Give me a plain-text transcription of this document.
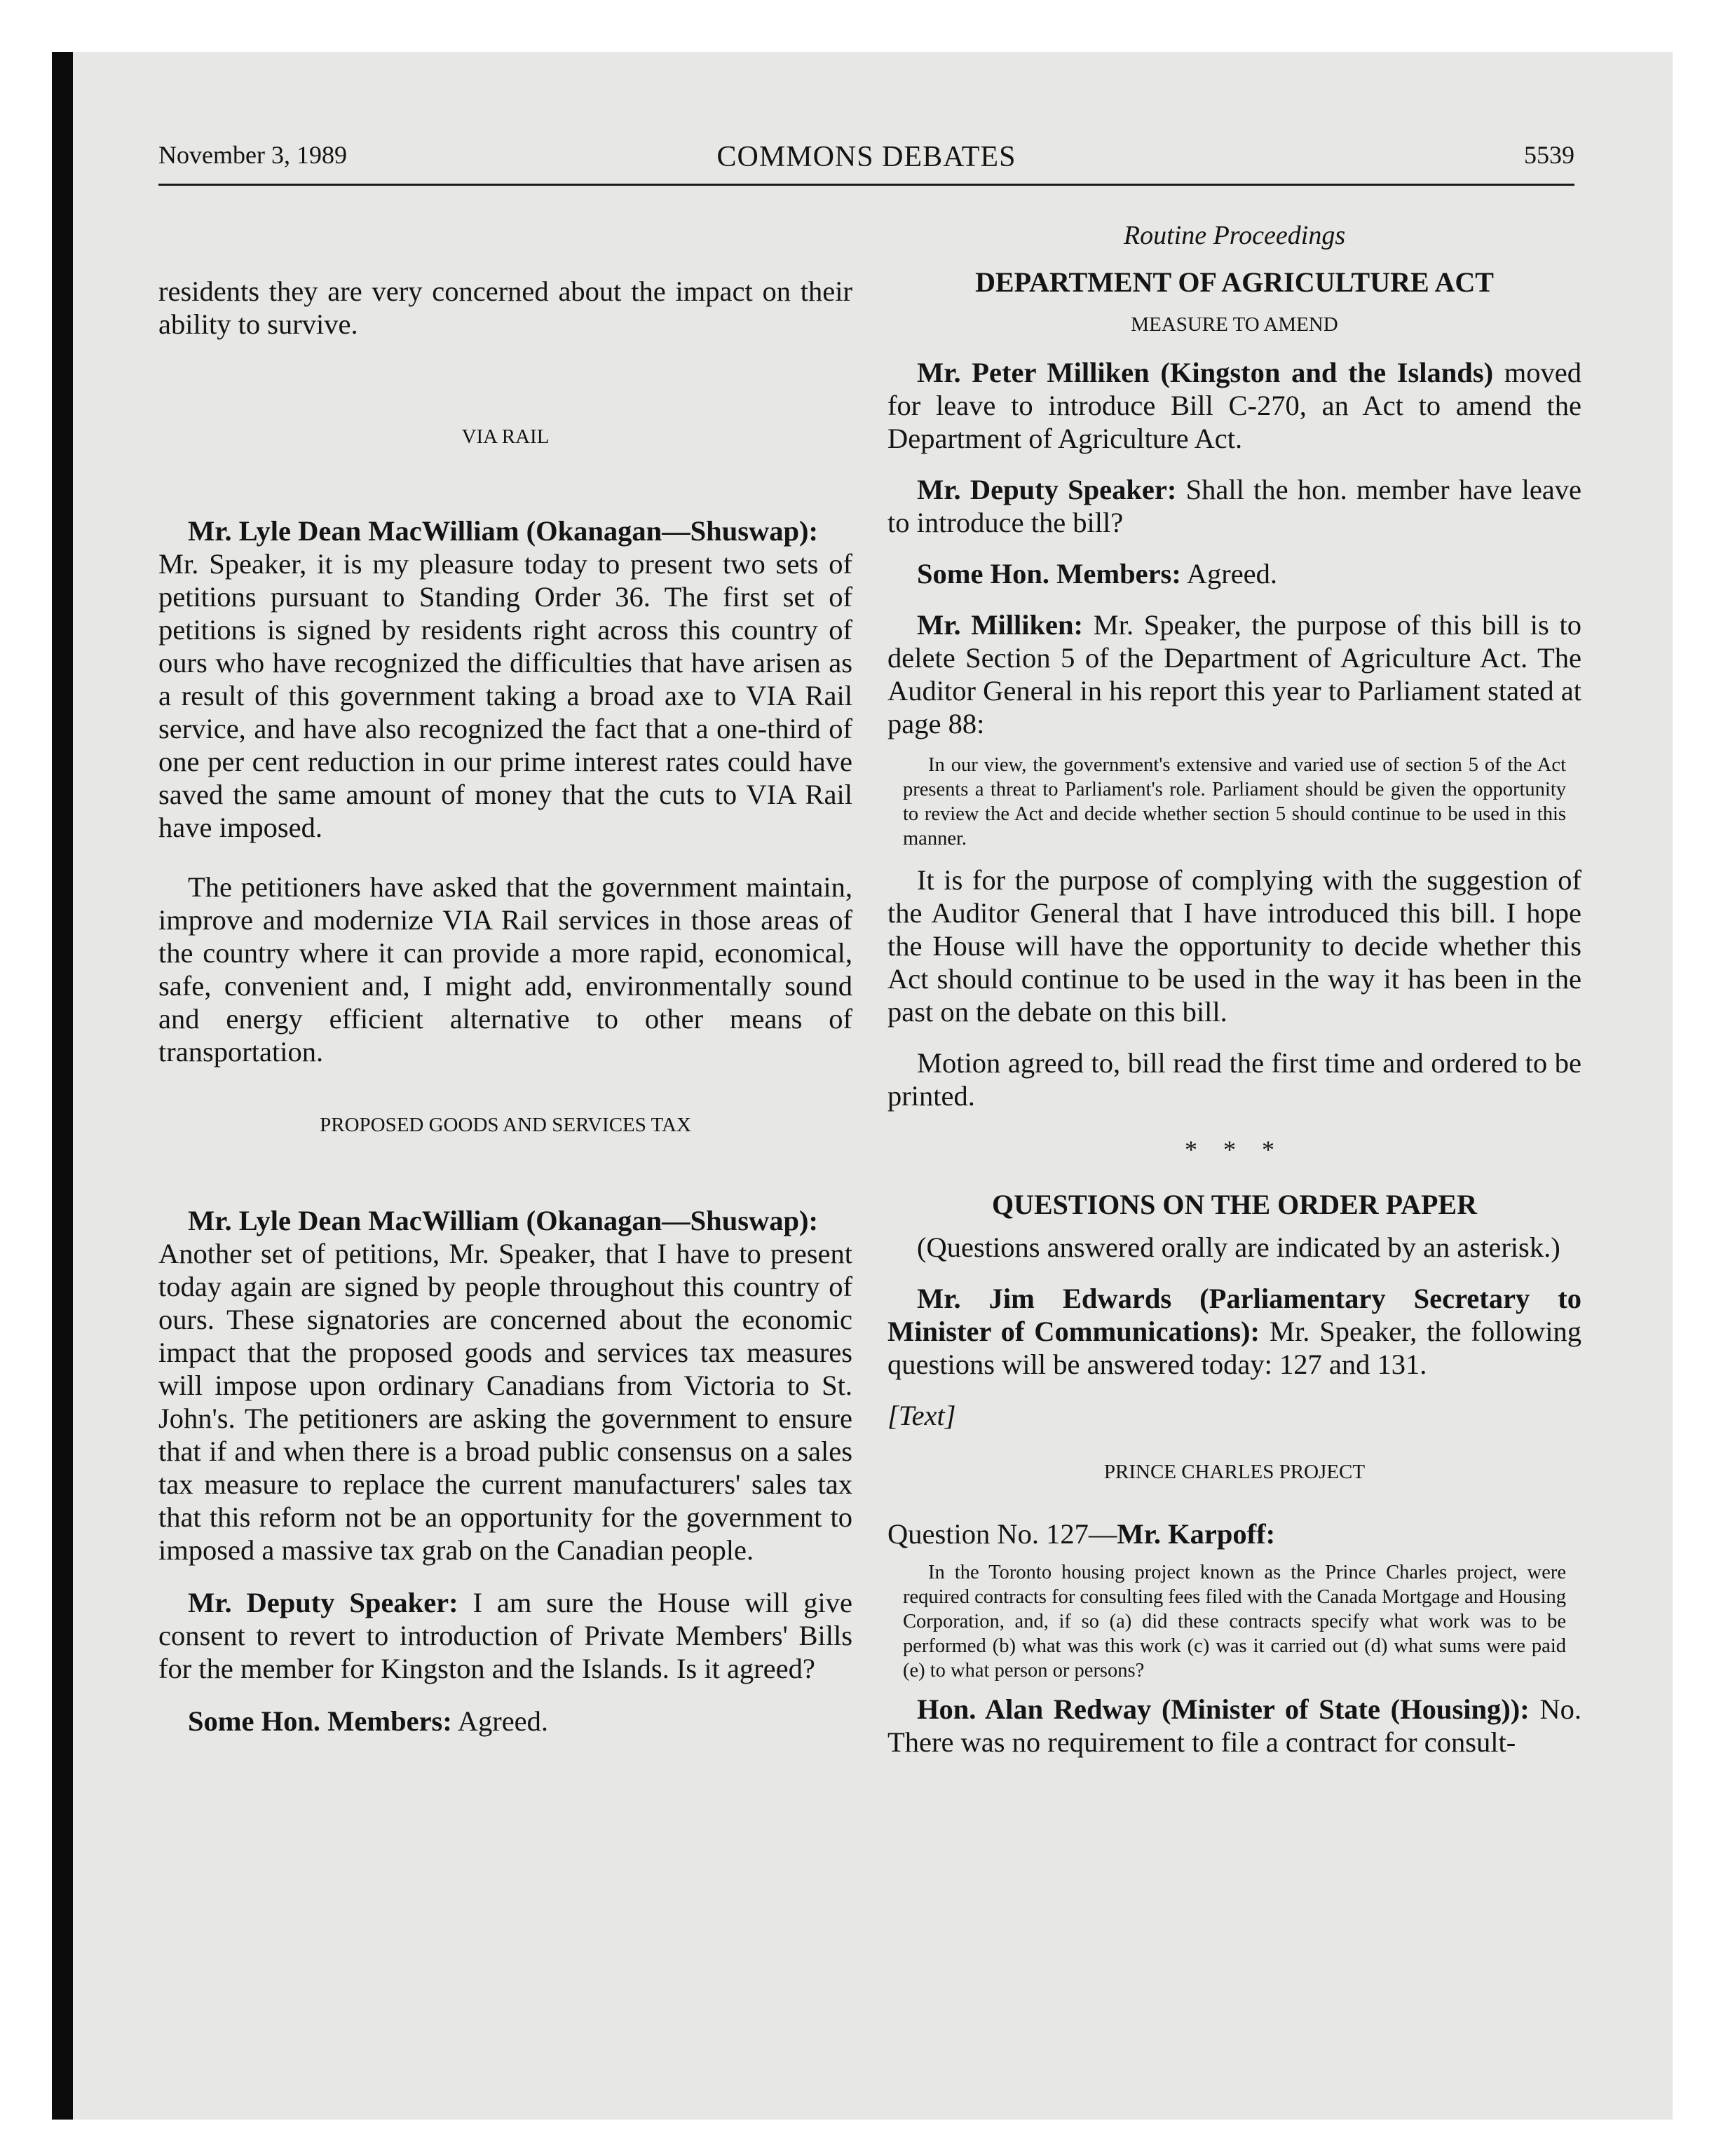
November 3, 1989	COMMONS DEBATES	5539

residents they are very concerned about the impact on their ability to survive.

VIA RAIL

Mr. Lyle Dean MacWilliam (Okanagan—Shuswap):
Mr. Speaker, it is my pleasure today to present two sets of petitions pursuant to Standing Order 36. The first set of petitions is signed by residents right across this country of ours who have recognized the difficulties that have arisen as a result of this government taking a broad axe to VIA Rail service, and have also recognized the fact that a one-third of one per cent reduction in our prime interest rates could have saved the same amount of money that the cuts to VIA Rail have imposed.

The petitioners have asked that the government maintain, improve and modernize VIA Rail services in those areas of the country where it can provide a more rapid, economical, safe, convenient and, I might add, environmentally sound and energy efficient alternative to other means of transportation.

PROPOSED GOODS AND SERVICES TAX

Mr. Lyle Dean MacWilliam (Okanagan—Shuswap):
Another set of petitions, Mr. Speaker, that I have to present today again are signed by people throughout this country of ours. These signatories are concerned about the economic impact that the proposed goods and services tax measures will impose upon ordinary Canadians from Victoria to St. John's. The petitioners are asking the government to ensure that if and when there is a broad public consensus on a sales tax measure to replace the current manufacturers' sales tax that this reform not be an opportunity for the government to imposed a massive tax grab on the Canadian people.

Mr. Deputy Speaker: I am sure the House will give consent to revert to introduction of Private Members' Bills for the member for Kingston and the Islands. Is it agreed?

Some Hon. Members: Agreed.

Routine Proceedings

DEPARTMENT OF AGRICULTURE ACT

MEASURE TO AMEND

Mr. Peter Milliken (Kingston and the Islands) moved for leave to introduce Bill C-270, an Act to amend the Department of Agriculture Act.

Mr. Deputy Speaker: Shall the hon. member have leave to introduce the bill?

Some Hon. Members: Agreed.

Mr. Milliken: Mr. Speaker, the purpose of this bill is to delete Section 5 of the Department of Agriculture Act. The Auditor General in his report this year to Parliament stated at page 88:

In our view, the government's extensive and varied use of section 5 of the Act presents a threat to Parliament's role. Parliament should be given the opportunity to review the Act and decide whether section 5 should continue to be used in this manner.

It is for the purpose of complying with the suggestion of the Auditor General that I have introduced this bill. I hope the House will have the opportunity to decide whether this Act should continue to be used in the way it has been in the past on the debate on this bill.

Motion agreed to, bill read the first time and ordered to be printed.

* * *

QUESTIONS ON THE ORDER PAPER

(Questions answered orally are indicated by an asterisk.)

Mr. Jim Edwards (Parliamentary Secretary to Minister of Communications): Mr. Speaker, the following questions will be answered today: 127 and 131.

[Text]

PRINCE CHARLES PROJECT

Question No. 127—Mr. Karpoff:

In the Toronto housing project known as the Prince Charles project, were required contracts for consulting fees filed with the Canada Mortgage and Housing Corporation, and, if so (a) did these contracts specify what work was to be performed (b) what was this work (c) was it carried out (d) what sums were paid (e) to what person or persons?

Hon. Alan Redway (Minister of State (Housing)): No. There was no requirement to file a contract for consult-
